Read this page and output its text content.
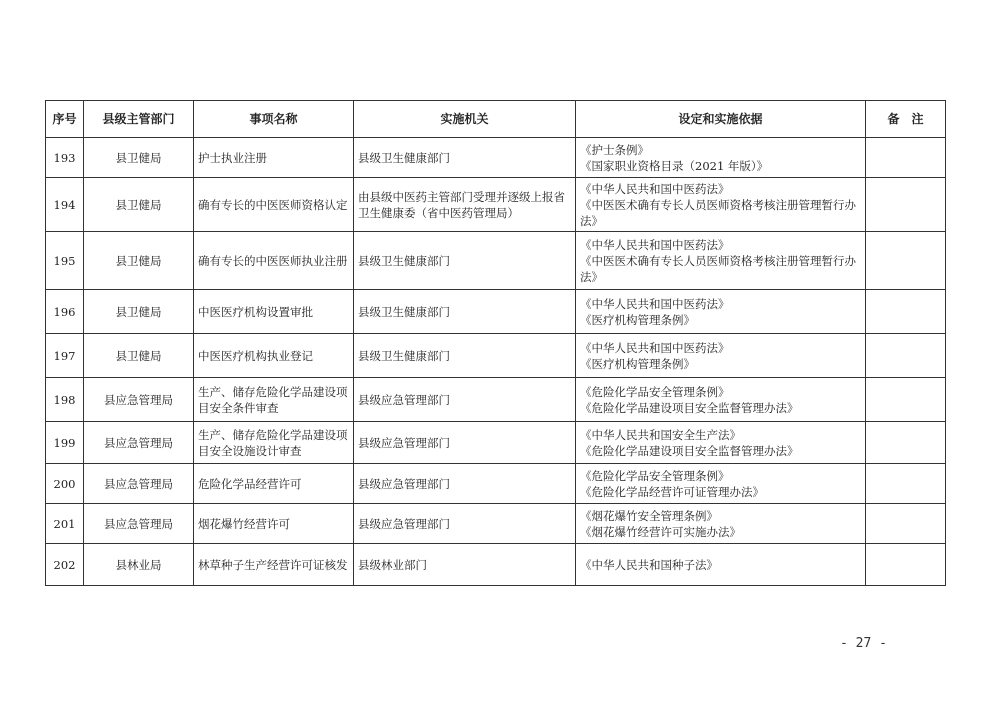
序号	县级主管部门	事项名称	实施机关	设定和实施依据	备　注
193	县卫健局	护士执业注册	县级卫生健康部门	《护士条例》
《国家职业资格目录（2021 年版）》	

194	县卫健局	确有专长的中医医师资格认定	由县级中医药主管部门受理并逐级上报省卫生健康委（省中医药管理局）	《中华人民共和国中医药法》
《中医医术确有专长人员医师资格考核注册管理暂行办法》	

195	县卫健局	确有专长的中医医师执业注册	县级卫生健康部门	《中华人民共和国中医药法》
《中医医术确有专长人员医师资格考核注册管理暂行办法》	

196	县卫健局	中医医疗机构设置审批	县级卫生健康部门	《中华人民共和国中医药法》
《医疗机构管理条例》	

197	县卫健局	中医医疗机构执业登记	县级卫生健康部门	《中华人民共和国中医药法》
《医疗机构管理条例》	

198	县应急管理局	生产、储存危险化学品建设项目安全条件审查	县级应急管理部门	《危险化学品安全管理条例》
《危险化学品建设项目安全监督管理办法》	

199	县应急管理局	生产、储存危险化学品建设项目安全设施设计审查	县级应急管理部门	《中华人民共和国安全生产法》
《危险化学品建设项目安全监督管理办法》	

200	县应急管理局	危险化学品经营许可	县级应急管理部门	《危险化学品安全管理条例》
《危险化学品经营许可证管理办法》	

201	县应急管理局	烟花爆竹经营许可	县级应急管理部门	《烟花爆竹安全管理条例》
《烟花爆竹经营许可实施办法》	

202	县林业局	林草种子生产经营许可证核发	县级林业部门	《中华人民共和国种子法》	

- 27 -
